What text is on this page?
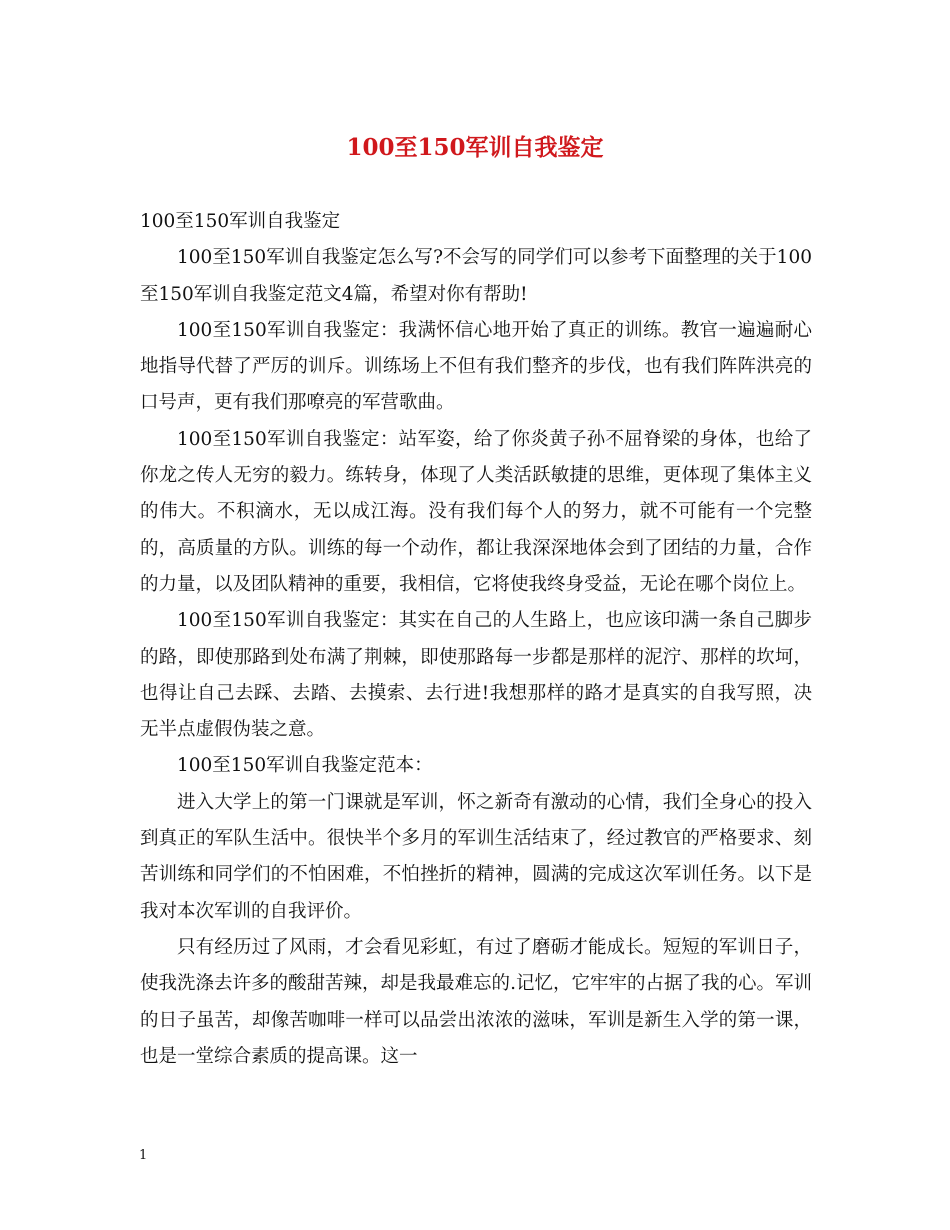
100至150军训自我鉴定

100至150军训自我鉴定

100至150军训自我鉴定怎么写?不会写的同学们可以参考下面整理的关于100至150军训自我鉴定范文4篇，希望对你有帮助!

100至150军训自我鉴定：我满怀信心地开始了真正的训练。教官一遍遍耐心地指导代替了严厉的训斥。训练场上不但有我们整齐的步伐，也有我们阵阵洪亮的口号声，更有我们那嘹亮的军营歌曲。

100至150军训自我鉴定：站军姿，给了你炎黄子孙不屈脊梁的身体，也给了你龙之传人无穷的毅力。练转身，体现了人类活跃敏捷的思维，更体现了集体主义的伟大。不积滴水，无以成江海。没有我们每个人的努力，就不可能有一个完整的，高质量的方队。训练的每一个动作，都让我深深地体会到了团结的力量，合作的力量，以及团队精神的重要，我相信，它将使我终身受益，无论在哪个岗位上。

100至150军训自我鉴定：其实在自己的人生路上，也应该印满一条自己脚步的路，即使那路到处布满了荆棘，即使那路每一步都是那样的泥泞、那样的坎坷，也得让自己去踩、去踏、去摸索、去行进!我想那样的路才是真实的自我写照，决无半点虚假伪装之意。

100至150军训自我鉴定范本：

进入大学上的第一门课就是军训，怀之新奇有激动的心情，我们全身心的投入到真正的军队生活中。很快半个多月的军训生活结束了，经过教官的严格要求、刻苦训练和同学们的不怕困难，不怕挫折的精神，圆满的完成这次军训任务。以下是我对本次军训的自我评价。

只有经历过了风雨，才会看见彩虹，有过了磨砺才能成长。短短的军训日子，使我洗涤去许多的酸甜苦辣，却是我最难忘的.记忆，它牢牢的占据了我的心。军训的日子虽苦，却像苦咖啡一样可以品尝出浓浓的滋味，军训是新生入学的第一课，也是一堂综合素质的提高课。这一

1
